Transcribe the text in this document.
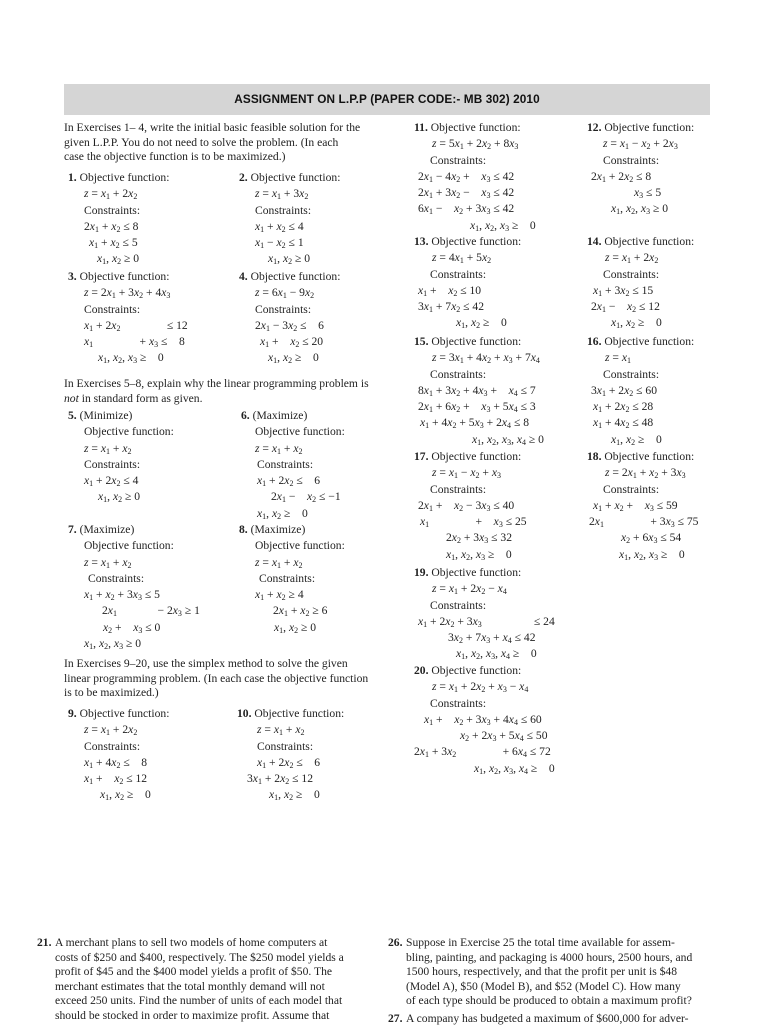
ASSIGNMENT ON L.P.P (PAPER CODE:- MB 302) 2010

In Exercises 1– 4, write the initial basic feasible solution for the

given L.P.P. You do not need to solve the problem. (In each

case the objective function is to be maximized.)

In Exercises 5–8, explain why the linear programming problem is

not in standard form as given.

In Exercises 9–20, use the simplex method to solve the given

linear programming problem. (In each case the objective function

is to be maximized.)

1. Objective function:
$z = x_1 + 2x_2$
Constraints:
$2x_1 + x_2 \le 8$
$x_1 + x_2 \le 5$
$x_1$, $x_2 \ge 0$
2. Objective function:
$z = x_1 + 3x_2$
Constraints:
$x_1 + x_2 \le 4$
$x_1 - x_2 \le 1$
$x_1$, $x_2 \ge 0$
3. Objective function:
$z = 2x_1 + 3x_2 + 4x_3$
Constraints:
$x_1 + 2x_2$                ≤ 12
$x_1$                + $x_3$ ≤    8
$x_1$, $x_2$, $x_3$ ≥    0
4. Objective function:
$z = 6x_1 - 9x_2$
Constraints:
$2x_1 - 3x_2$ ≤    6
$x_1$ +    $x_2 \le 20$
$x_1$, $x_2$ ≥    0
5. (Minimize)
Objective function:
$z = x_1 + x_2$
Constraints:
$x_1 + 2x_2 \le 4$
$x_1$, $x_2 \ge 0$
6. (Maximize)
Objective function:
$z = x_1 + x_2$
Constraints:
$x_1 + 2x_2$ ≤    6
$2x_1$ −    $x_2 \le -1$
$x_1$, $x_2$ ≥    0
7. (Maximize)
Objective function:
$z = x_1 + x_2$
Constraints:
$x_1 + x_2 + 3x_3 \le 5$
$2x_1$              − $2x_3 \ge 1$
$x_2$ +    $x_3 \le 0$
$x_1$, $x_2$, $x_3 \ge 0$
8. (Maximize)
Objective function:
$z = x_1 + x_2$
Constraints:
$x_1 + x_2 \ge 4$
$2x_1 + x_2 \ge 6$
$x_1$, $x_2 \ge 0$
9. Objective function:
$z = x_1 + 2x_2$
Constraints:
$x_1 + 4x_2$ ≤    8
$x_1$ +    $x_2 \le 12$
$x_1$, $x_2$ ≥    0
10. Objective function:
$z = x_1 + x_2$
Constraints:
$x_1 + 2x_2$ ≤    6
$3x_1 + 2x_2 \le 12$
$x_1$, $x_2$ ≥    0
11. Objective function:
$z = 5x_1 + 2x_2 + 8x_3$
Constraints:
$2x_1 - 4x_2$ +    $x_3 \le 42$
$2x_1 + 3x_2$ −    $x_3 \le 42$
$6x_1$ −    $x_2 + 3x_3 \le 42$
$x_1$, $x_2$, $x_3$ ≥    0
12. Objective function:
$z = x_1 - x_2 + 2x_3$
Constraints:
$2x_1 + 2x_2 \le 8$
$x_3 \le 5$
$x_1$, $x_2$, $x_3 \ge 0$
13. Objective function:
$z = 4x_1 + 5x_2$
Constraints:
$x_1$ +    $x_2 \le 10$
$3x_1 + 7x_2 \le 42$
$x_1$, $x_2$ ≥    0
14. Objective function:
$z = x_1 + 2x_2$
Constraints:
$x_1 + 3x_2 \le 15$
$2x_1$ −    $x_2 \le 12$
$x_1$, $x_2$ ≥    0
15. Objective function:
$z = 3x_1 + 4x_2 + x_3 + 7x_4$
Constraints:
$8x_1 + 3x_2 + 4x_3$ +    $x_4 \le 7$
$2x_1 + 6x_2$ +    $x_3 + 5x_4 \le 3$
$x_1 + 4x_2 + 5x_3 + 2x_4 \le 8$
$x_1$, $x_2$, $x_3$, $x_4 \ge 0$
16. Objective function:
$z = x_1$
Constraints:
$3x_1 + 2x_2 \le 60$
$x_1 + 2x_2 \le 28$
$x_1 + 4x_2 \le 48$
$x_1$, $x_2$ ≥    0
17. Objective function:
$z = x_1 - x_2 + x_3$
Constraints:
$2x_1$ +    $x_2 - 3x_3 \le 40$
$x_1$                +    $x_3 \le 25$
$2x_2 + 3x_3 \le 32$
$x_1$, $x_2$, $x_3$ ≥    0
18. Objective function:
$z = 2x_1 + x_2 + 3x_3$
Constraints:
$x_1 + x_2$ +    $x_3 \le 59$
$2x_1$                + $3x_3 \le 75$
$x_2 + 6x_3 \le 54$
$x_1$, $x_2$, $x_3$ ≥    0
19. Objective function:
$z = x_1 + 2x_2 - x_4$
Constraints:
$x_1 + 2x_2 + 3x_3$                  ≤ 24
$3x_2 + 7x_3 + x_4 \le 42$
$x_1$, $x_2$, $x_3$, $x_4$ ≥    0
20. Objective function:
$z = x_1 + 2x_2 + x_3 - x_4$
Constraints:
$x_1$ +    $x_2 + 3x_3 + 4x_4 \le 60$
$x_2 + 2x_3 + 5x_4 \le 50$
$2x_1 + 3x_2$                + $6x_4 \le 72$
$x_1$, $x_2$, $x_3$, $x_4$ ≥    0

21. A merchant plans to sell two models of home computers at

costs of $250 and $400, respectively. The $250 model yields a

profit of $45 and the $400 model yields a profit of $50. The

merchant estimates that the total monthly demand will not

exceed 250 units. Find the number of units of each model that

should be stocked in order to maximize profit. Assume that

26. Suppose in Exercise 25 the total time available for assem-

bling, painting, and packaging is 4000 hours, 2500 hours, and

1500 hours, respectively, and that the profit per unit is $48

(Model A), $50 (Model B), and $52 (Model C). How many

of each type should be produced to obtain a maximum profit?

27. A company has budgeted a maximum of $600,000 for adver-
